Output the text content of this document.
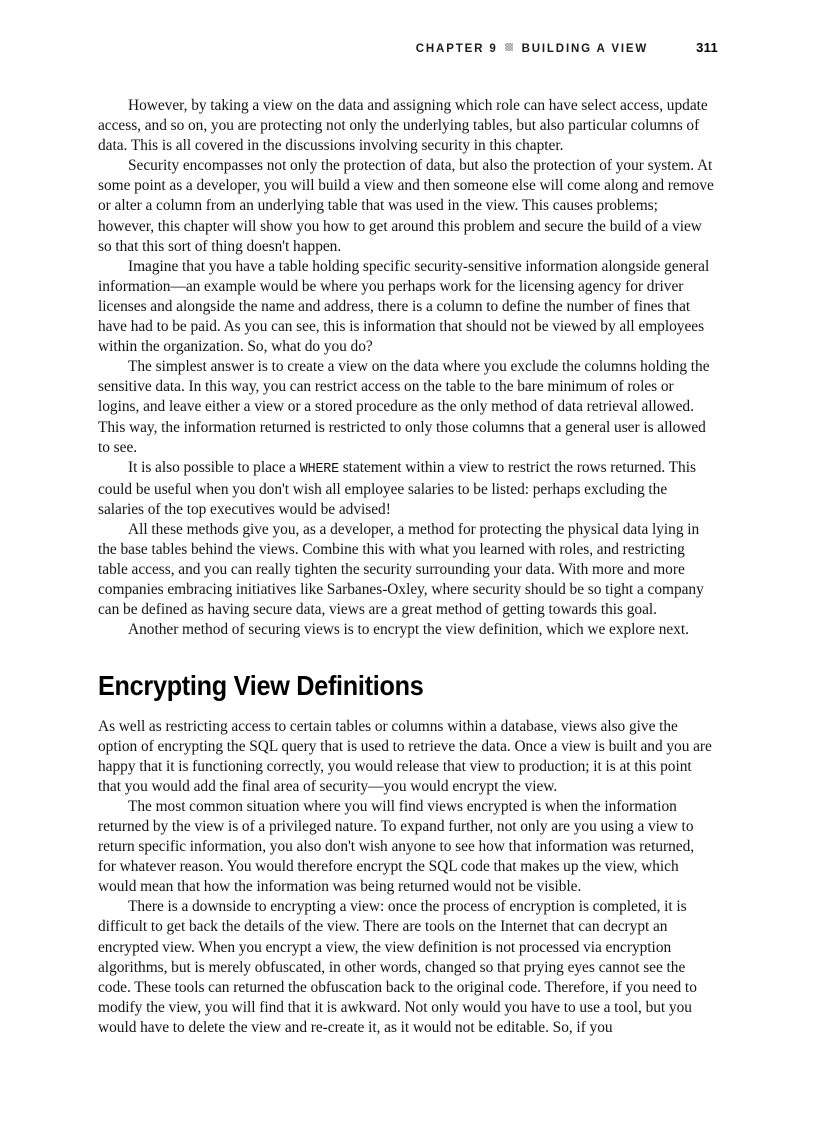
CHAPTER 9 BUILDING A VIEW	311

However, by taking a view on the data and assigning which role can have select access, update access, and so on, you are protecting not only the underlying tables, but also particular columns of data. This is all covered in the discussions involving security in this chapter.

Security encompasses not only the protection of data, but also the protection of your system. At some point as a developer, you will build a view and then someone else will come along and remove or alter a column from an underlying table that was used in the view. This causes problems; however, this chapter will show you how to get around this problem and secure the build of a view so that this sort of thing doesn't happen.

Imagine that you have a table holding specific security-sensitive information alongside general information—an example would be where you perhaps work for the licensing agency for driver licenses and alongside the name and address, there is a column to define the number of fines that have had to be paid. As you can see, this is information that should not be viewed by all employees within the organization. So, what do you do?

The simplest answer is to create a view on the data where you exclude the columns holding the sensitive data. In this way, you can restrict access on the table to the bare minimum of roles or logins, and leave either a view or a stored procedure as the only method of data retrieval allowed. This way, the information returned is restricted to only those columns that a general user is allowed to see.

It is also possible to place a WHERE statement within a view to restrict the rows returned. This could be useful when you don't wish all employee salaries to be listed: perhaps excluding the salaries of the top executives would be advised!

All these methods give you, as a developer, a method for protecting the physical data lying in the base tables behind the views. Combine this with what you learned with roles, and restricting table access, and you can really tighten the security surrounding your data. With more and more companies embracing initiatives like Sarbanes-Oxley, where security should be so tight a company can be defined as having secure data, views are a great method of getting towards this goal.

Another method of securing views is to encrypt the view definition, which we explore next.

Encrypting View Definitions

As well as restricting access to certain tables or columns within a database, views also give the option of encrypting the SQL query that is used to retrieve the data. Once a view is built and you are happy that it is functioning correctly, you would release that view to production; it is at this point that you would add the final area of security—you would encrypt the view.

The most common situation where you will find views encrypted is when the information returned by the view is of a privileged nature. To expand further, not only are you using a view to return specific information, you also don't wish anyone to see how that information was returned, for whatever reason. You would therefore encrypt the SQL code that makes up the view, which would mean that how the information was being returned would not be visible.

There is a downside to encrypting a view: once the process of encryption is completed, it is difficult to get back the details of the view. There are tools on the Internet that can decrypt an encrypted view. When you encrypt a view, the view definition is not processed via encryption algorithms, but is merely obfuscated, in other words, changed so that prying eyes cannot see the code. These tools can returned the obfuscation back to the original code. Therefore, if you need to modify the view, you will find that it is awkward. Not only would you have to use a tool, but you would have to delete the view and re-create it, as it would not be editable. So, if you
